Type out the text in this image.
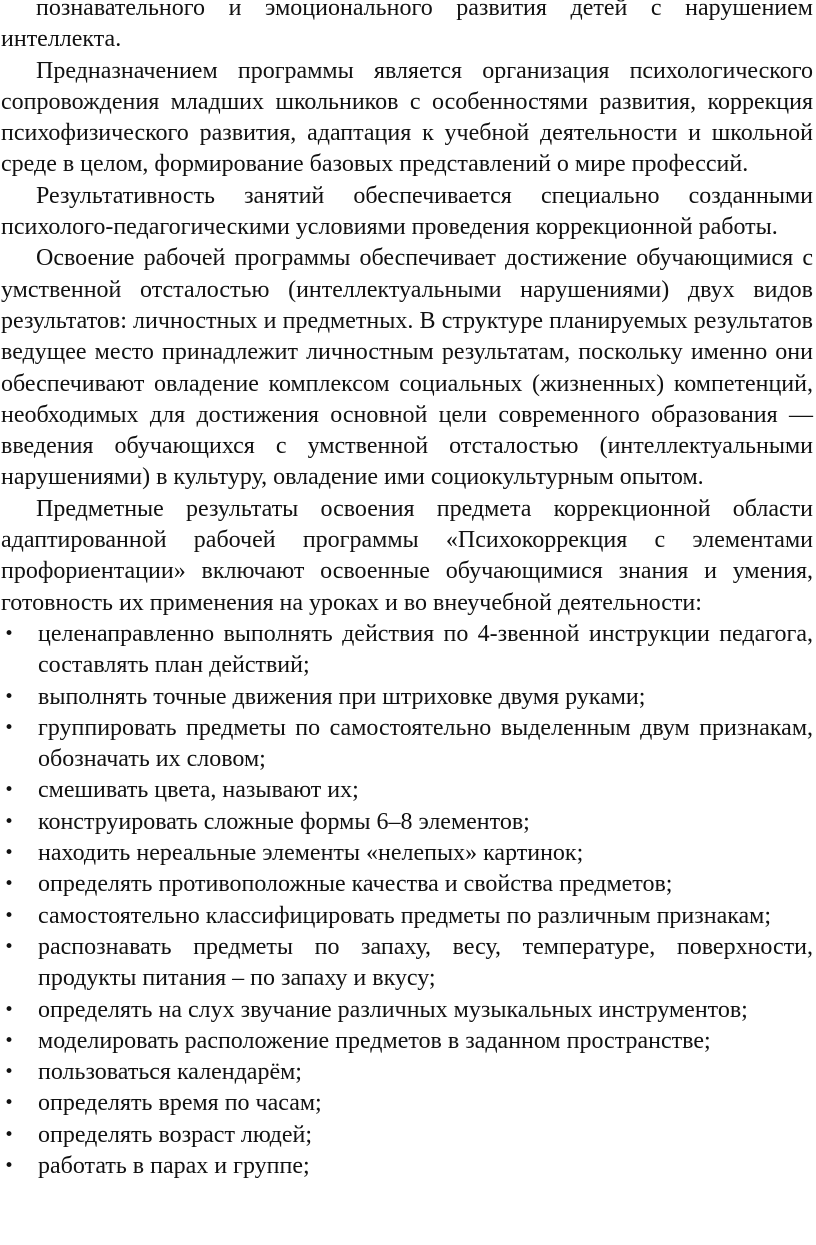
познавательного и эмоционального развития детей с нарушением интеллекта.

Предназначением программы является организация психологического сопровождения младших школьников с особенностями развития, коррекция психофизического развития, адаптация к учебной деятельности и школьной среде в целом, формирование базовых представлений о мире профессий.

Результативность занятий обеспечивается специально созданными психолого-педагогическими условиями проведения коррекционной работы.

Освоение рабочей программы обеспечивает достижение обучающимися с умственной отсталостью (интеллектуальными нарушениями) двух видов результатов: личностных и предметных. В структуре планируемых результатов ведущее место принадлежит личностным результатам, поскольку именно они обеспечивают овладение комплексом социальных (жизненных) компетенций, необходимых для достижения основной цели современного образования — введения обучающихся с умственной отсталостью (интеллектуальными нарушениями) в культуру, овладение ими социокультурным опытом.

Предметные результаты освоения предмета коррекционной области адаптированной рабочей программы «Психокоррекция с элементами профориентации» включают освоенные обучающимися знания и умения, готовность их применения на уроках и во внеучебной деятельности:

• целенаправленно выполнять действия по 4-звенной инструкции педагога, составлять план действий;
• выполнять точные движения при штриховке двумя руками;
• группировать предметы по самостоятельно выделенным двум признакам, обозначать их словом;
• смешивать цвета, называют их;
• конструировать сложные формы 6–8 элементов;
• находить нереальные элементы «нелепых» картинок;
• определять противоположные качества и свойства предметов;
• самостоятельно классифицировать предметы по различным признакам;
• распознавать предметы по запаху, весу, температуре, поверхности, продукты питания – по запаху и вкусу;
• определять на слух звучание различных музыкальных инструментов;
• моделировать расположение предметов в заданном пространстве;
• пользоваться календарём;
• определять время по часам;
• определять возраст людей;
• работать в парах и группе;
